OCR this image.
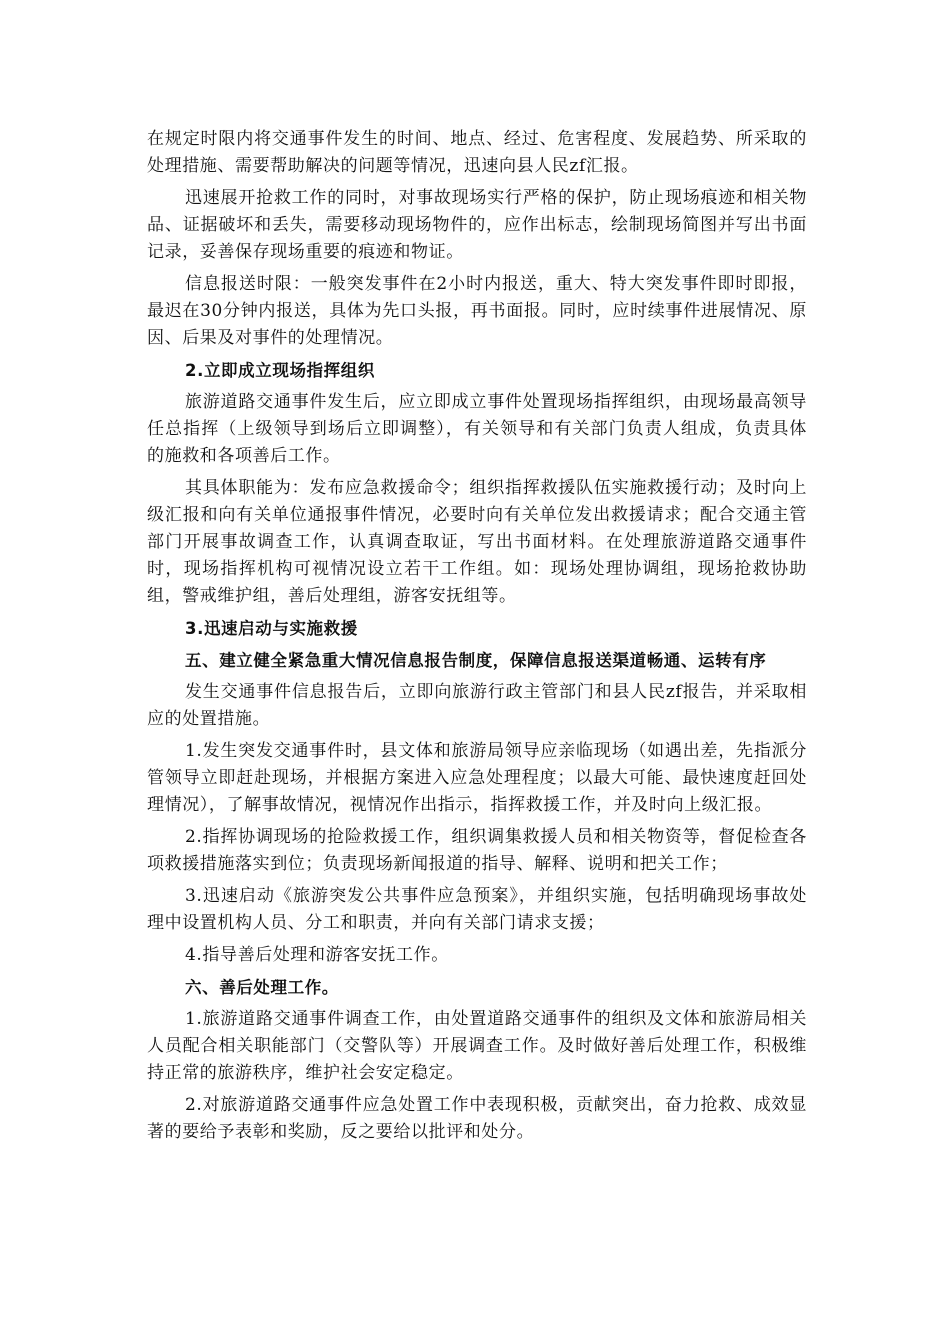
在规定时限内将交通事件发生的时间、地点、经过、危害程度、发展趋势、所采取的处理措施、需要帮助解决的问题等情况，迅速向县人民zf汇报。

迅速展开抢救工作的同时，对事故现场实行严格的保护，防止现场痕迹和相关物品、证据破坏和丢失，需要移动现场物件的，应作出标志，绘制现场简图并写出书面记录，妥善保存现场重要的痕迹和物证。

信息报送时限：一般突发事件在2小时内报送，重大、特大突发事件即时即报，最迟在30分钟内报送，具体为先口头报，再书面报。同时，应时续事件进展情况、原因、后果及对事件的处理情况。

2.立即成立现场指挥组织

旅游道路交通事件发生后，应立即成立事件处置现场指挥组织，由现场最高领导任总指挥（上级领导到场后立即调整），有关领导和有关部门负责人组成，负责具体的施救和各项善后工作。

其具体职能为：发布应急救援命令；组织指挥救援队伍实施救援行动；及时向上级汇报和向有关单位通报事件情况，必要时向有关单位发出救援请求；配合交通主管部门开展事故调查工作，认真调查取证，写出书面材料。在处理旅游道路交通事件时，现场指挥机构可视情况设立若干工作组。如：现场处理协调组，现场抢救协助组，警戒维护组，善后处理组，游客安抚组等。

3.迅速启动与实施救援

五、建立健全紧急重大情况信息报告制度，保障信息报送渠道畅通、运转有序

发生交通事件信息报告后，立即向旅游行政主管部门和县人民zf报告，并采取相应的处置措施。

1.发生突发交通事件时，县文体和旅游局领导应亲临现场（如遇出差，先指派分管领导立即赶赴现场，并根据方案进入应急处理程度；以最大可能、最快速度赶回处理情况），了解事故情况，视情况作出指示，指挥救援工作，并及时向上级汇报。

2.指挥协调现场的抢险救援工作，组织调集救援人员和相关物资等，督促检查各项救援措施落实到位；负责现场新闻报道的指导、解释、说明和把关工作；

3.迅速启动《旅游突发公共事件应急预案》，并组织实施，包括明确现场事故处理中设置机构人员、分工和职责，并向有关部门请求支援；

4.指导善后处理和游客安抚工作。

六、善后处理工作。

1.旅游道路交通事件调查工作，由处置道路交通事件的组织及文体和旅游局相关人员配合相关职能部门（交警队等）开展调查工作。及时做好善后处理工作，积极维持正常的旅游秩序，维护社会安定稳定。

2.对旅游道路交通事件应急处置工作中表现积极，贡献突出，奋力抢救、成效显著的要给予表彰和奖励，反之要给以批评和处分。
